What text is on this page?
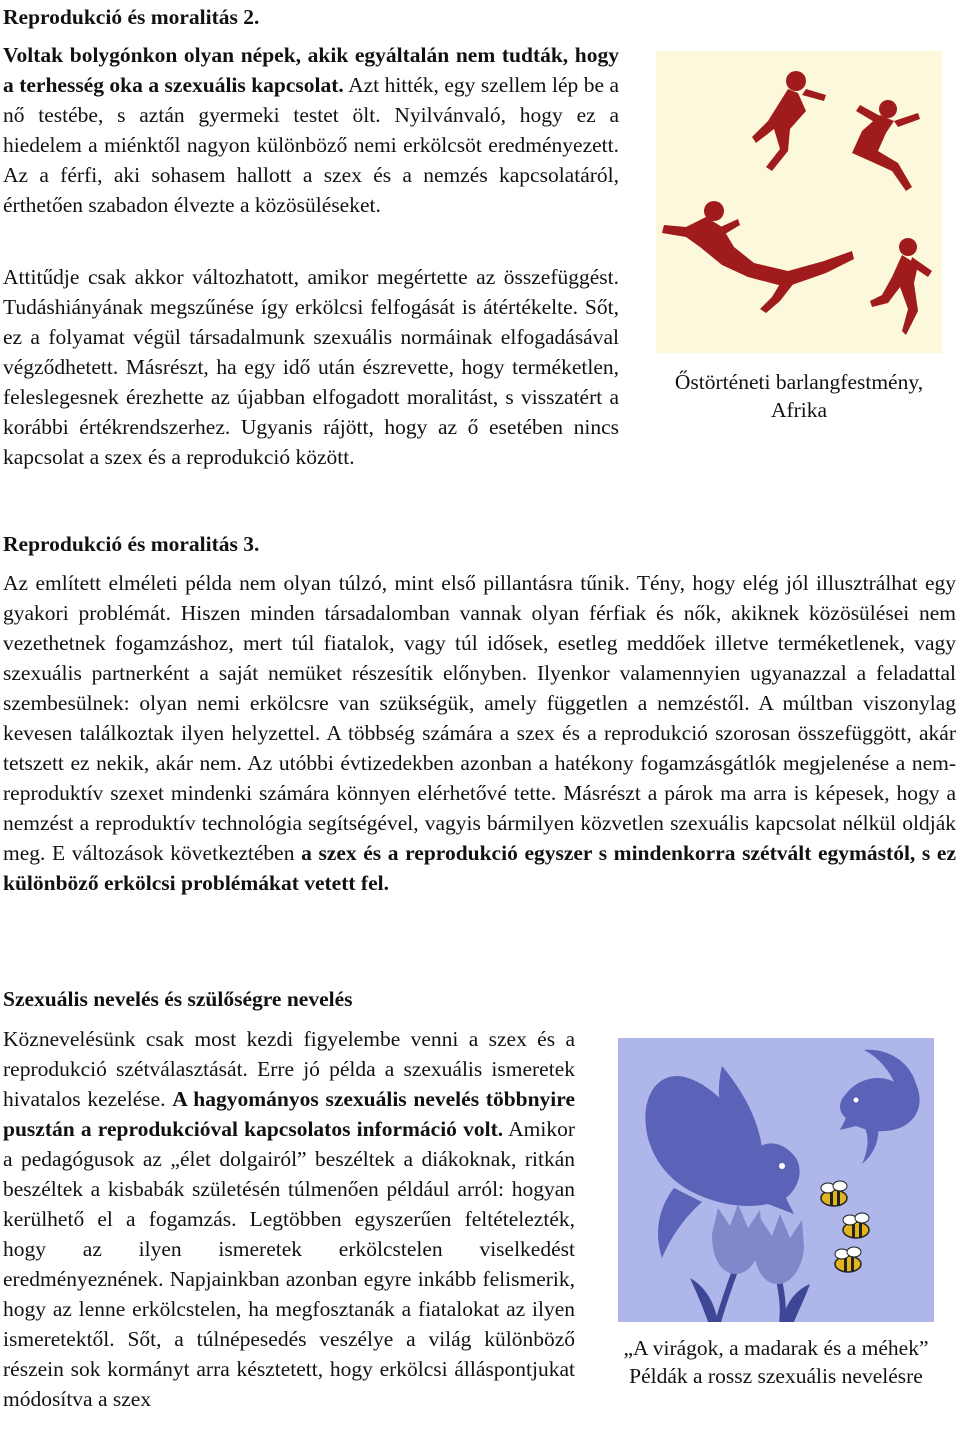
Reprodukció és moralitás 2.

Voltak bolygónkon olyan népek, akik egyáltalán nem tudták, hogy a terhesség oka a szexuális kapcsolat. Azt hitték, egy szellem lép be a nő testébe, s aztán gyermeki testet ölt. Nyilvánvaló, hogy ez a hiedelem a miénktől nagyon különböző nemi erkölcsöt eredményezett. Az a férfi, aki sohasem hallott a szex és a nemzés kapcsolatáról, érthetően szabadon élvezte a közösüléseket.

Attitűdje csak akkor változhatott, amikor megértette az összefüggést. Tudáshiányának megszűnése így erkölcsi felfogását is átértékelte. Sőt, ez a folyamat végül társadalmunk szexuális normáinak elfogadásával végződhetett. Másrészt, ha egy idő után észrevette, hogy terméketlen, feleslegesnek érezhette az újabban elfogadott moralitást, s visszatért a korábbi értékrendszerhez. Ugyanis rájött, hogy az ő esetében nincs kapcsolat a szex és a reprodukció között.

Őstörténeti barlangfestmény,
Afrika
Reprodukció és moralitás 3.

Az említett elméleti példa nem olyan túlzó, mint első pillantásra tűnik. Tény, hogy elég jól illusztrálhat egy gyakori problémát. Hiszen minden társadalomban vannak olyan férfiak és nők, akiknek közösülései nem vezethetnek fogamzáshoz, mert túl fiatalok, vagy túl idősek, esetleg meddőek illetve terméketlenek, vagy szexuális partnerként a saját nemüket részesítik előnyben. Ilyenkor valamennyien ugyanazzal a feladattal szembesülnek: olyan nemi erkölcsre van szükségük, amely független a nemzéstől. A múltban viszonylag kevesen találkoztak ilyen helyzettel. A többség számára a szex és a reprodukció szorosan összefüggött, akár tetszett ez nekik, akár nem. Az utóbbi évtizedekben azonban a hatékony fogamzásgátlók megjelenése a nem-reproduktív szexet mindenki számára könnyen elérhetővé tette. Másrészt a párok ma arra is képesek, hogy a nemzést a reproduktív technológia segítségével, vagyis bármilyen közvetlen szexuális kapcsolat nélkül oldják meg. E változások következtében a szex és a reprodukció egyszer s mindenkorra szétvált egymástól, s ez különböző erkölcsi problémákat vetett fel.

Szexuális nevelés és szülőségre nevelés

Köznevelésünk csak most kezdi figyelembe venni a szex és a reprodukció szétválasztását. Erre jó példa a szexuális ismeretek hivatalos kezelése. A hagyományos szexuális nevelés többnyire pusztán a reprodukcióval kapcsolatos információ volt. Amikor a pedagógusok az „élet dolgairól” beszéltek a diákoknak, ritkán beszéltek a kisbabák születésén túlmenően például arról: hogyan kerülhető el a fogamzás. Legtöbben egyszerűen feltételezték, hogy az ilyen ismeretek erkölcstelen viselkedést eredményeznének. Napjainkban azonban egyre inkább felismerik, hogy az lenne erkölcstelen, ha megfosztanák a fiatalokat az ilyen ismeretektől. Sőt, a túlnépesedés veszélye a világ különböző részein sok kormányt arra késztetett, hogy erkölcsi álláspontjukat módosítva a szex

„A virágok, a madarak és a méhek”
Példák a rossz szexuális nevelésre
